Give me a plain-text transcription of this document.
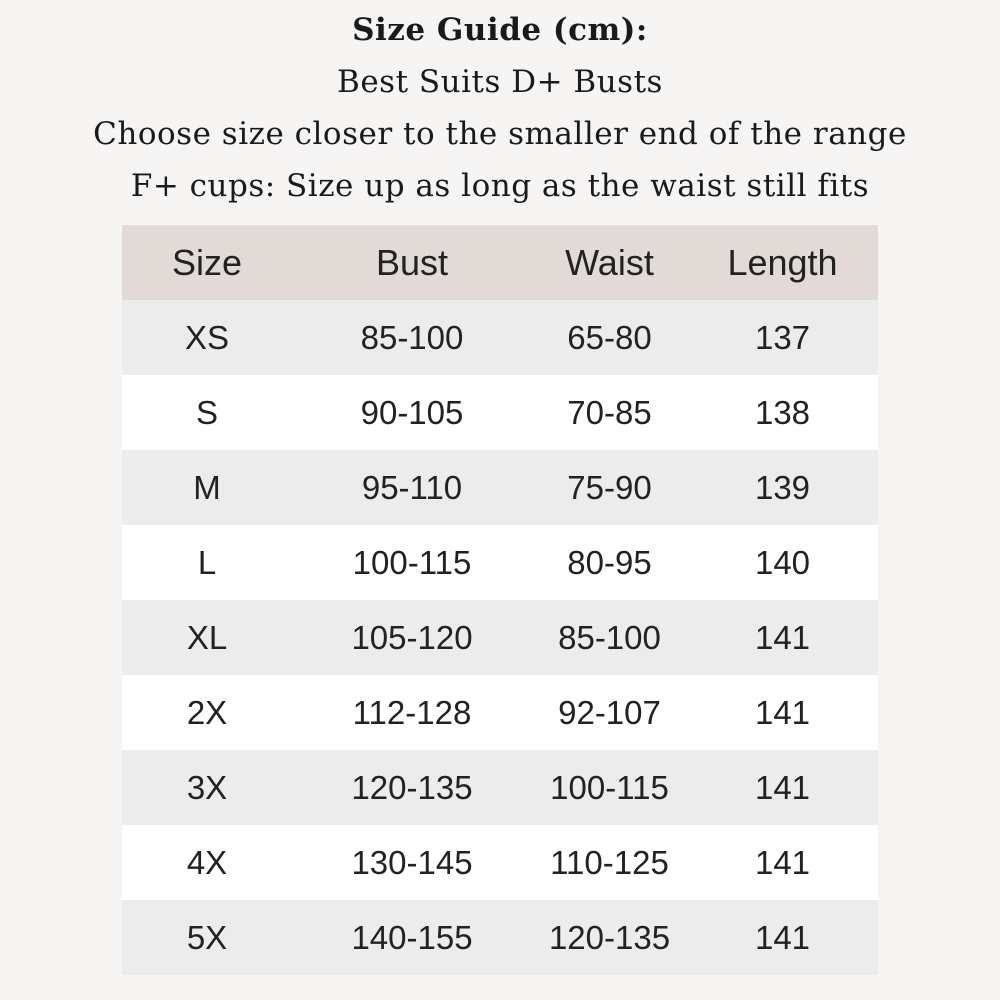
Size Guide (cm):
Best Suits D+ Busts
Choose size closer to the smaller end of the range
F+ cups: Size up as long as the waist still fits
Size	Bust	Waist	Length
XS	85-100	65-80	137
S	90-105	70-85	138
M	95-110	75-90	139
L	100-115	80-95	140
XL	105-120	85-100	141
2X	112-128	92-107	141
3X	120-135	100-115	141
4X	130-145	110-125	141
5X	140-155	120-135	141
